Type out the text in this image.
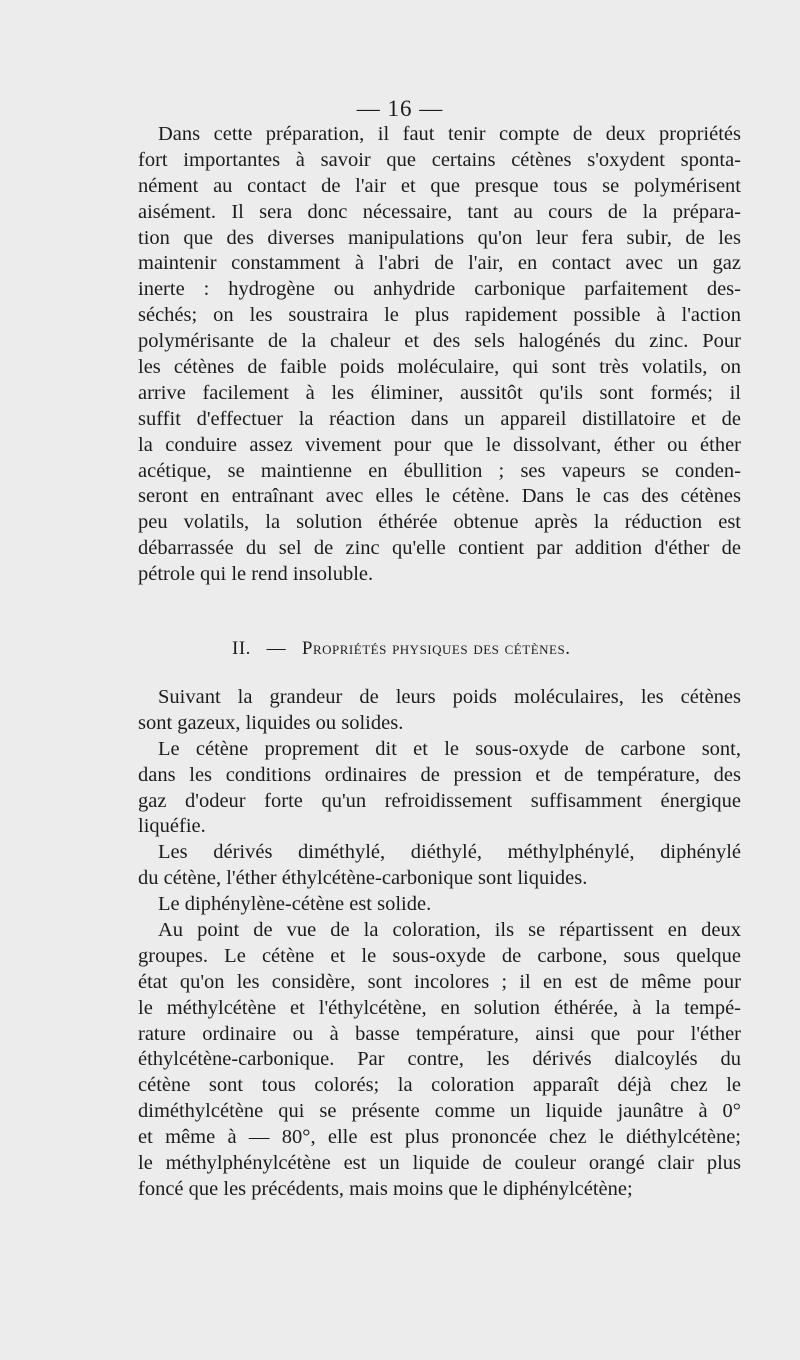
— 16 —
Dans cette préparation, il faut tenir compte de deux propriétés
fort importantes à savoir que certains cétènes s'oxydent sponta-
nément au contact de l'air et que presque tous se polymérisent
aisément. Il sera donc nécessaire, tant au cours de la prépara-
tion que des diverses manipulations qu'on leur fera subir, de les
maintenir constamment à l'abri de l'air, en contact avec un gaz
inerte : hydrogène ou anhydride carbonique parfaitement des-
séchés; on les soustraira le plus rapidement possible à l'action
polymérisante de la chaleur et des sels halogénés du zinc. Pour
les cétènes de faible poids moléculaire, qui sont très volatils, on
arrive facilement à les éliminer, aussitôt qu'ils sont formés; il
suffit d'effectuer la réaction dans un appareil distillatoire et de
la conduire assez vivement pour que le dissolvant, éther ou éther
acétique, se maintienne en ébullition ; ses vapeurs se conden-
seront en entraînant avec elles le cétène. Dans le cas des cétènes
peu volatils, la solution éthérée obtenue après la réduction est
débarrassée du sel de zinc qu'elle contient par addition d'éther de
pétrole qui le rend insoluble.
II. — Propriétés physiques des cétènes.
Suivant la grandeur de leurs poids moléculaires, les cétènes
sont gazeux, liquides ou solides.
Le cétène proprement dit et le sous-oxyde de carbone sont,
dans les conditions ordinaires de pression et de température, des
gaz d'odeur forte qu'un refroidissement suffisamment énergique
liquéfie.
Les dérivés diméthylé, diéthylé, méthylphénylé, diphénylé
du cétène, l'éther éthylcétène-carbonique sont liquides.
Le diphénylène-cétène est solide.
Au point de vue de la coloration, ils se répartissent en deux
groupes. Le cétène et le sous-oxyde de carbone, sous quelque
état qu'on les considère, sont incolores ; il en est de même pour
le méthylcétène et l'éthylcétène, en solution éthérée, à la tempé-
rature ordinaire ou à basse température, ainsi que pour l'éther
éthylcétène-carbonique. Par contre, les dérivés dialcoylés du
cétène sont tous colorés; la coloration apparaît déjà chez le
diméthylcétène qui se présente comme un liquide jaunâtre à 0°
et même à — 80°, elle est plus prononcée chez le diéthylcétène;
le méthylphénylcétène est un liquide de couleur orangé clair plus
foncé que les précédents, mais moins que le diphénylcétène;
